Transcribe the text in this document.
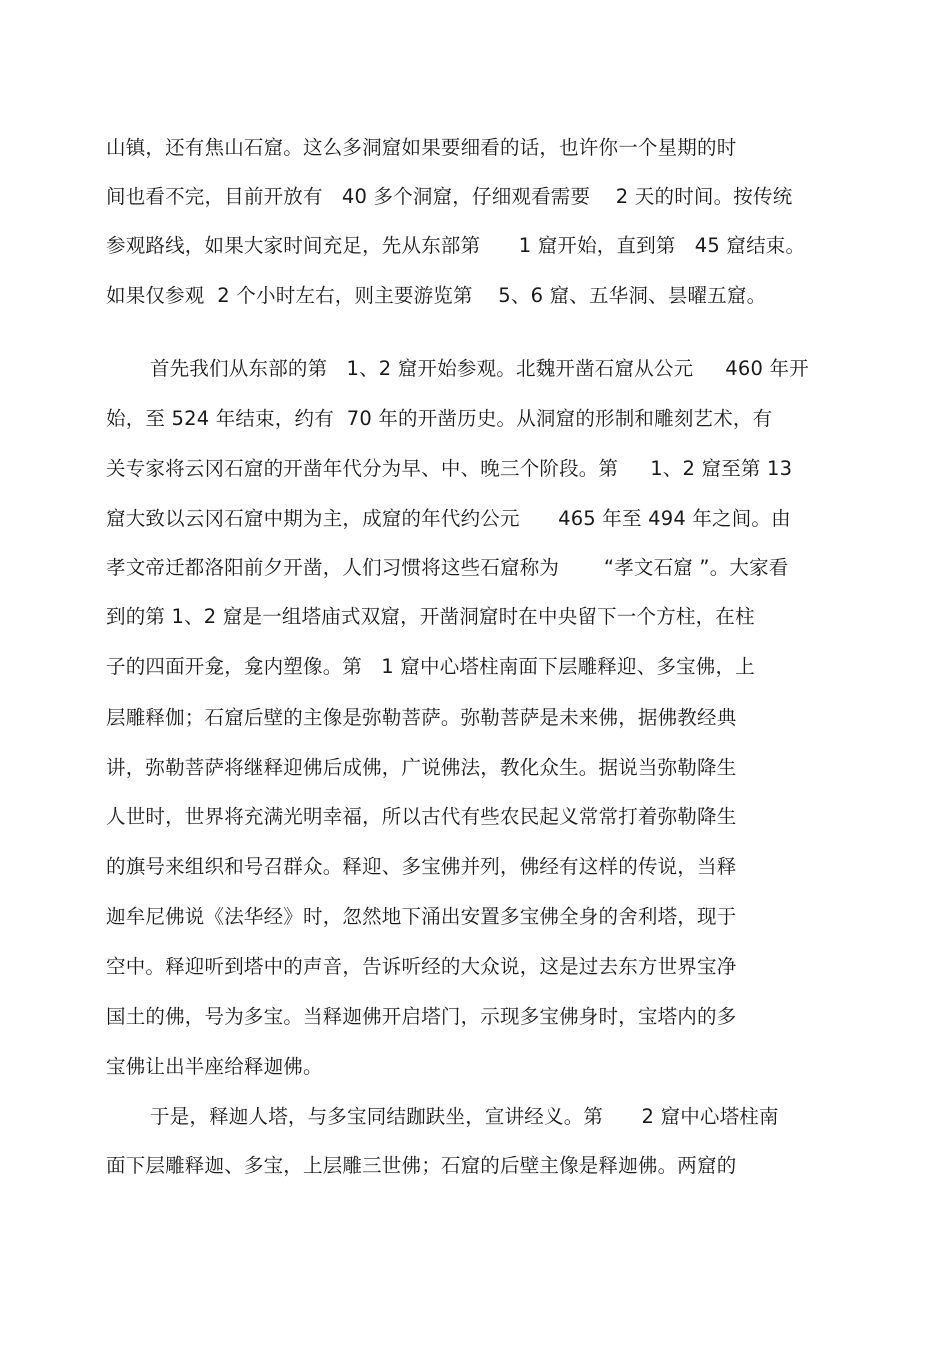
山镇，还有焦山石窟。这么多洞窟如果要细看的话，也许你一个星期的时
间也看不完，目前开放有   40 多个洞窟，仔细观看需要    2 天的时间。按传统
参观路线，如果大家时间充足，先从东部第      1 窟开始，直到第   45 窟结束。
如果仅参观  2 个小时左右，则主要游览第    5、6 窟、五华洞、昙曜五窟。
首先我们从东部的第   1、2 窟开始参观。北魏开凿石窟从公元     460 年开
始，至 524 年结束，约有  70 年的开凿历史。从洞窟的形制和雕刻艺术，有
关专家将云冈石窟的开凿年代分为早、中、晚三个阶段。第     1、2 窟至第 13
窟大致以云冈石窟中期为主，成窟的年代约公元      465 年至 494 年之间。由
孝文帝迁都洛阳前夕开凿，人们习惯将这些石窟称为       “孝文石窟 ”。大家看
到的第 1、2 窟是一组塔庙式双窟，开凿洞窟时在中央留下一个方柱，在柱
子的四面开龛，龛内塑像。第   1 窟中心塔柱南面下层雕释迎、多宝佛，上
层雕释伽；石窟后壁的主像是弥勒菩萨。弥勒菩萨是未来佛，据佛教经典
讲，弥勒菩萨将继释迎佛后成佛，广说佛法，教化众生。据说当弥勒降生
人世时，世界将充满光明幸福，所以古代有些农民起义常常打着弥勒降生
的旗号来组织和号召群众。释迎、多宝佛并列，佛经有这样的传说，当释
迦牟尼佛说《法华经》时，忽然地下涌出安置多宝佛全身的舍利塔，现于
空中。释迎听到塔中的声音，告诉听经的大众说，这是过去东方世界宝净
国土的佛，号为多宝。当释迦佛开启塔门，示现多宝佛身时，宝塔内的多
宝佛让出半座给释迦佛。
于是，释迦人塔，与多宝同结跏趺坐，宣讲经义。第      2 窟中心塔柱南
面下层雕释迦、多宝，上层雕三世佛；石窟的后壁主像是释迦佛。两窟的
